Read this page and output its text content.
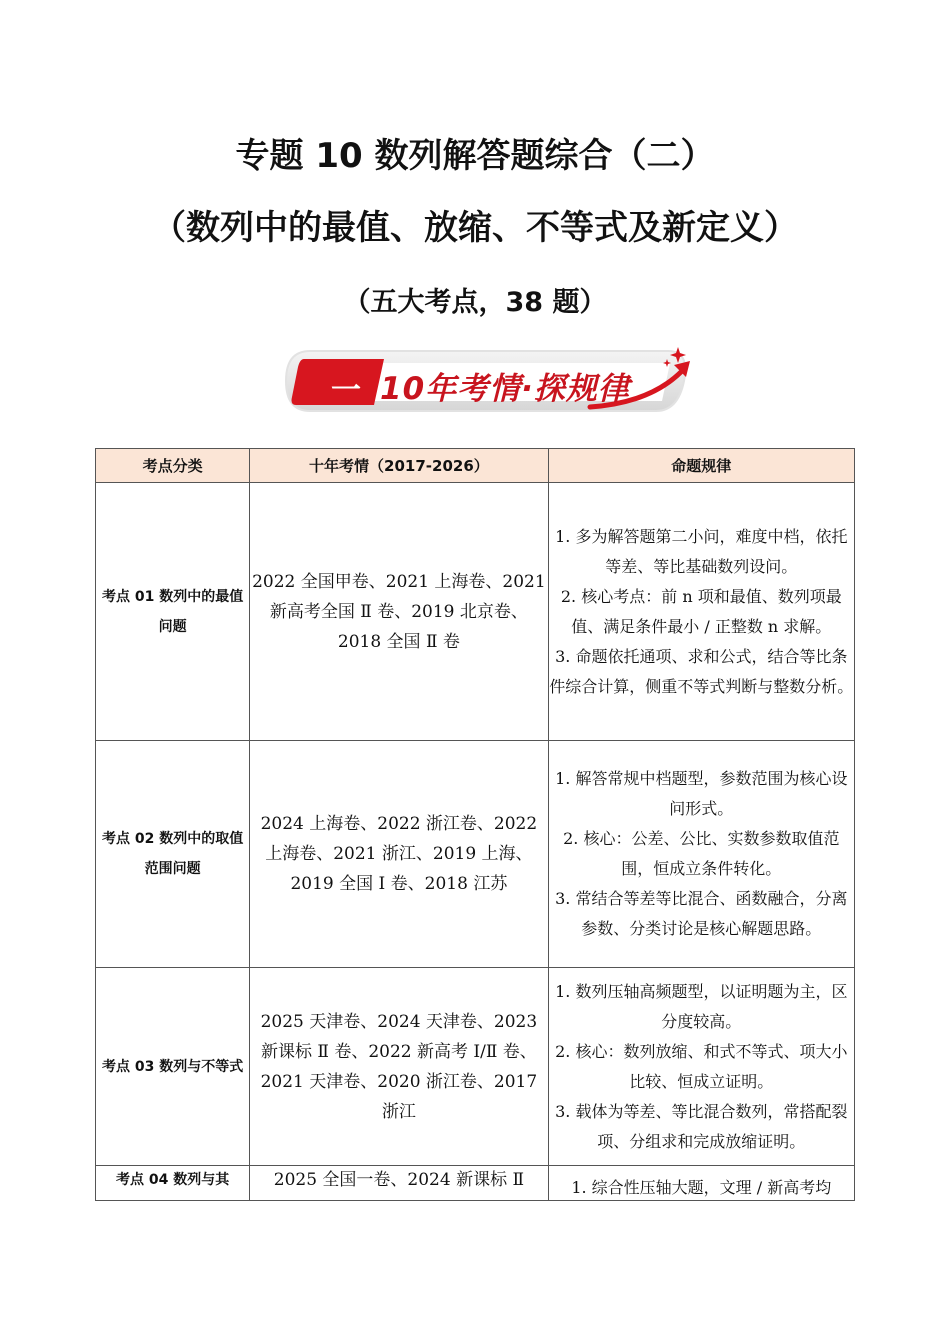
专题 10 数列解答题综合（二）
（数列中的最值、放缩、不等式及新定义）
（五大考点，38 题）
一 10年考情·探规律
考点分类	十年考情（2017-2026）	命题规律
考点 01 数列中的最值问题	2022 全国甲卷、2021 上海卷、2021 新高考全国 Ⅱ 卷、2019 北京卷、2018 全国 Ⅱ 卷	1. 多为解答题第二小问，难度中档，依托等差、等比基础数列设问。
2. 核心考点：前 n 项和最值、数列项最值、满足条件最小 / 正整数 n 求解。
3. 命题依托通项、求和公式，结合等比条件综合计算，侧重不等式判断与整数分析。

考点 02 数列中的取值范围问题	2024 上海卷、2022 浙江卷、2022 上海卷、2021 浙江、2019 上海、2019 全国 Ⅰ 卷、2018 江苏	1. 解答常规中档题型，参数范围为核心设问形式。
2. 核心：公差、公比、实数参数取值范围，恒成立条件转化。
3. 常结合等差等比混合、函数融合，分离参数、分类讨论是核心解题思路。

考点 03 数列与不等式	2025 天津卷、2024 天津卷、2023 新课标 Ⅱ 卷、2022 新高考 Ⅰ/Ⅱ 卷、2021 天津卷、2020 浙江卷、2017 浙江	1. 数列压轴高频题型，以证明题为主，区分度较高。
2. 核心：数列放缩、和式不等式、项大小比较、恒成立证明。
3. 载体为等差、等比混合数列，常搭配裂项、分组求和完成放缩证明。

考点 04 数列与其	2025 全国一卷、2024 新课标 Ⅱ	1. 综合性压轴大题，文理 / 新高考均
